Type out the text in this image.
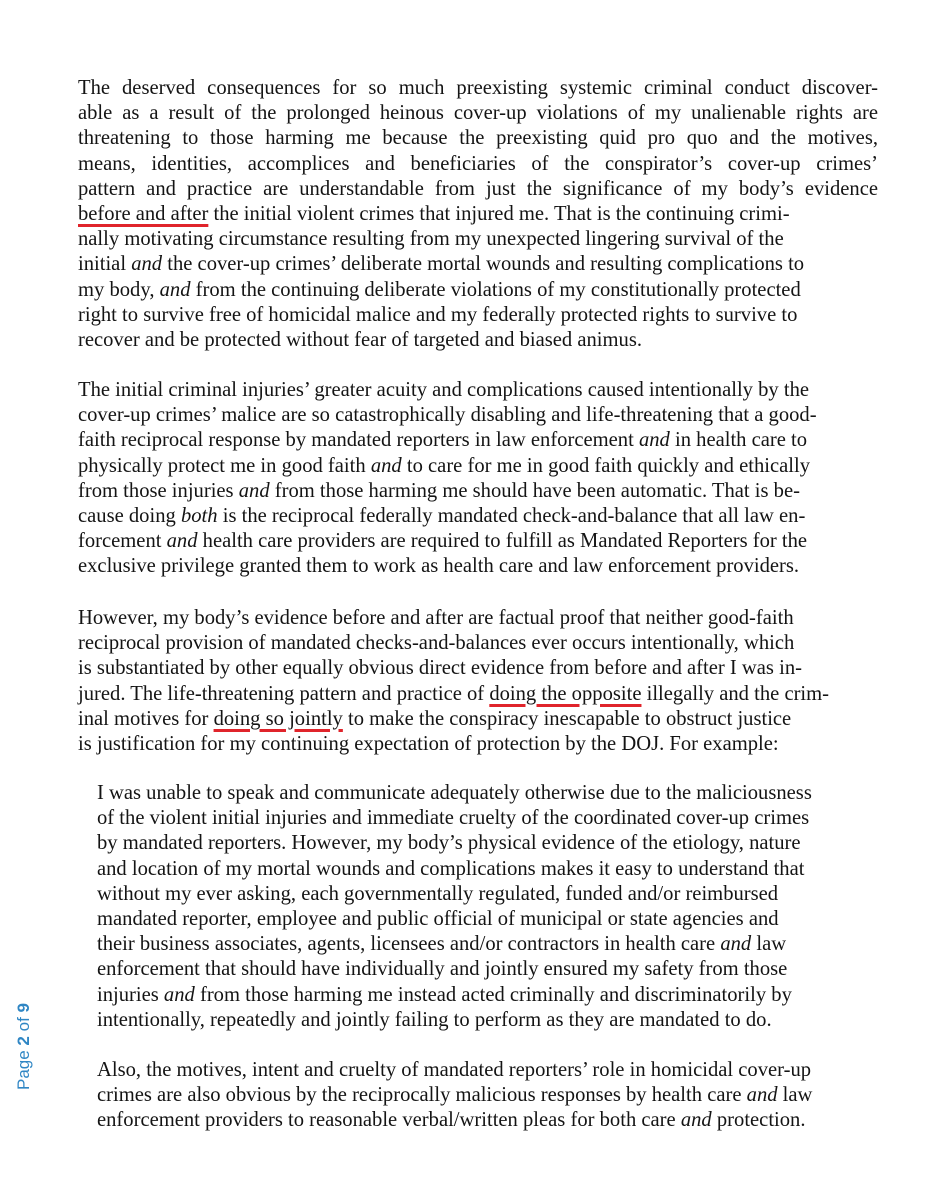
The deserved consequences for so much preexisting systemic criminal conduct discover-
able as a result of the prolonged heinous cover-up violations of my unalienable rights are
threatening to those harming me because the preexisting quid pro quo and the motives,
means, identities, accomplices and beneficiaries of the conspirator’s cover-up crimes’
pattern and practice are understandable from just the significance of my body’s evidence
before and after the initial violent crimes that injured me. That is the continuing crimi-
nally motivating circumstance resulting from my unexpected lingering survival of the
initial and the cover-up crimes’ deliberate mortal wounds and resulting complications to
my body, and from the continuing deliberate violations of my constitutionally protected
right to survive free of homicidal malice and my federally protected rights to survive to
recover and be protected without fear of targeted and biased animus.
The initial criminal injuries’ greater acuity and complications caused intentionally by the
cover-up crimes’ malice are so catastrophically disabling and life-threatening that a good-
faith reciprocal response by mandated reporters in law enforcement and in health care to
physically protect me in good faith and to care for me in good faith quickly and ethically
from those injuries and from those harming me should have been automatic. That is be-
cause doing both is the reciprocal federally mandated check-and-balance that all law en-
forcement and health care providers are required to fulfill as Mandated Reporters for the
exclusive privilege granted them to work as health care and law enforcement providers.
However, my body’s evidence before and after are factual proof that neither good-faith
reciprocal provision of mandated checks-and-balances ever occurs intentionally, which
is substantiated by other equally obvious direct evidence from before and after I was in-
jured. The life-threatening pattern and practice of doing the opposite illegally and the crim-
inal motives for doing so jointly to make the conspiracy inescapable to obstruct justice
is justification for my continuing expectation of protection by the DOJ. For example:
I was unable to speak and communicate adequately otherwise due to the maliciousness
of the violent initial injuries and immediate cruelty of the coordinated cover-up crimes
by mandated reporters. However, my body’s physical evidence of the etiology, nature
and location of my mortal wounds and complications makes it easy to understand that
without my ever asking, each governmentally regulated, funded and/or reimbursed
mandated reporter, employee and public official of municipal or state agencies and
their business associates, agents, licensees and/or contractors in health care and law
enforcement that should have individually and jointly ensured my safety from those
injuries and from those harming me instead acted criminally and discriminatorily by
intentionally, repeatedly and jointly failing to perform as they are mandated to do.
Also, the motives, intent and cruelty of mandated reporters’ role in homicidal cover-up
crimes are also obvious by the reciprocally malicious responses by health care and law
enforcement providers to reasonable verbal/written pleas for both care and protection.
Page 2 of 9
